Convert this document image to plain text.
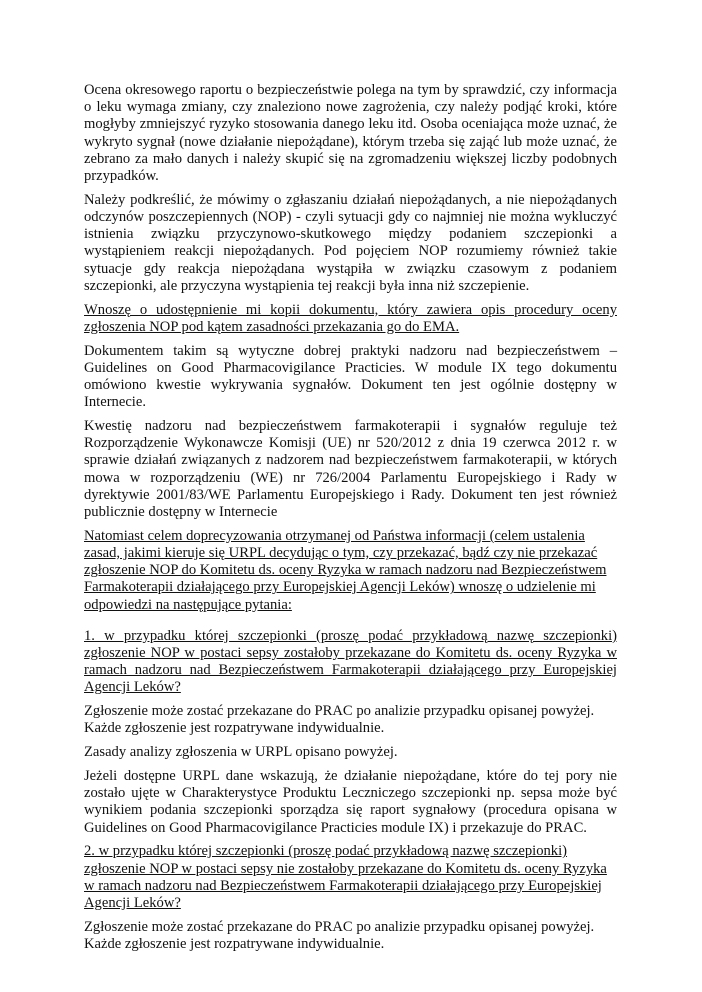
Ocena okresowego raportu o bezpieczeństwie polega na tym by sprawdzić, czy informacja o leku wymaga zmiany, czy znaleziono nowe zagrożenia, czy należy podjąć kroki, które mogłyby zmniejszyć ryzyko stosowania danego leku itd. Osoba oceniająca może uznać, że wykryto sygnał (nowe działanie niepożądane), którym trzeba się zająć lub może uznać, że zebrano za mało danych i należy skupić się na zgromadzeniu większej liczby podobnych przypadków.

Należy podkreślić, że mówimy o zgłaszaniu działań niepożądanych, a nie niepożądanych odczynów poszczepiennych (NOP) - czyli sytuacji gdy co najmniej nie można wykluczyć istnienia związku przyczynowo-skutkowego między podaniem szczepionki a wystąpieniem reakcji niepożądanych. Pod pojęciem NOP rozumiemy również takie sytuacje gdy reakcja niepożądana wystąpiła w związku czasowym z podaniem szczepionki, ale przyczyna wystąpienia tej reakcji była inna niż szczepienie.

Wnoszę o udostępnienie mi kopii dokumentu, który zawiera opis procedury oceny zgłoszenia NOP pod kątem zasadności przekazania go do EMA.

Dokumentem takim są wytyczne dobrej praktyki nadzoru nad bezpieczeństwem – Guidelines on Good Pharmacovigilance Practicies. W module IX tego dokumentu omówiono kwestie wykrywania sygnałów. Dokument ten jest ogólnie dostępny w Internecie.

Kwestię nadzoru nad bezpieczeństwem farmakoterapii i sygnałów reguluje też Rozporządzenie Wykonawcze Komisji (UE) nr 520/2012 z dnia 19 czerwca 2012 r. w sprawie działań związanych z nadzorem nad bezpieczeństwem farmakoterapii, w których mowa w rozporządzeniu (WE) nr 726/2004 Parlamentu Europejskiego i Rady w dyrektywie 2001/83/WE Parlamentu Europejskiego i Rady. Dokument ten jest również publicznie dostępny w Internecie

Natomiast celem doprecyzowania otrzymanej od Państwa informacji (celem ustalenia zasad, jakimi kieruje się URPL decydując o tym, czy przekazać, bądź czy nie przekazać zgłoszenie NOP do Komitetu ds. oceny Ryzyka w ramach nadzoru nad Bezpieczeństwem Farmakoterapii działającego przy Europejskiej Agencji Leków) wnoszę o udzielenie mi odpowiedzi na następujące pytania:

1. w przypadku której szczepionki (proszę podać przykładową nazwę szczepionki) zgłoszenie NOP w postaci sepsy zostałoby przekazane do Komitetu ds. oceny Ryzyka w ramach nadzoru nad Bezpieczeństwem Farmakoterapii działającego przy Europejskiej Agencji Leków?

Zgłoszenie może zostać przekazane do PRAC po analizie przypadku opisanej powyżej. Każde zgłoszenie jest rozpatrywane indywidualnie.

Zasady analizy zgłoszenia w URPL opisano powyżej.

Jeżeli dostępne URPL dane wskazują, że działanie niepożądane, które do tej pory nie zostało ujęte w Charakterystyce Produktu Leczniczego szczepionki np. sepsa może być wynikiem podania szczepionki sporządza się raport sygnałowy (procedura opisana w Guidelines on Good Pharmacovigilance Practicies module IX) i przekazuje do PRAC.

2. w przypadku której szczepionki (proszę podać przykładową nazwę szczepionki) zgłoszenie NOP w postaci sepsy nie zostałoby przekazane do Komitetu ds. oceny Ryzyka w ramach nadzoru nad Bezpieczeństwem Farmakoterapii działającego przy Europejskiej Agencji Leków?

Zgłoszenie może zostać przekazane do PRAC po analizie przypadku opisanej powyżej. Każde zgłoszenie jest rozpatrywane indywidualnie.
